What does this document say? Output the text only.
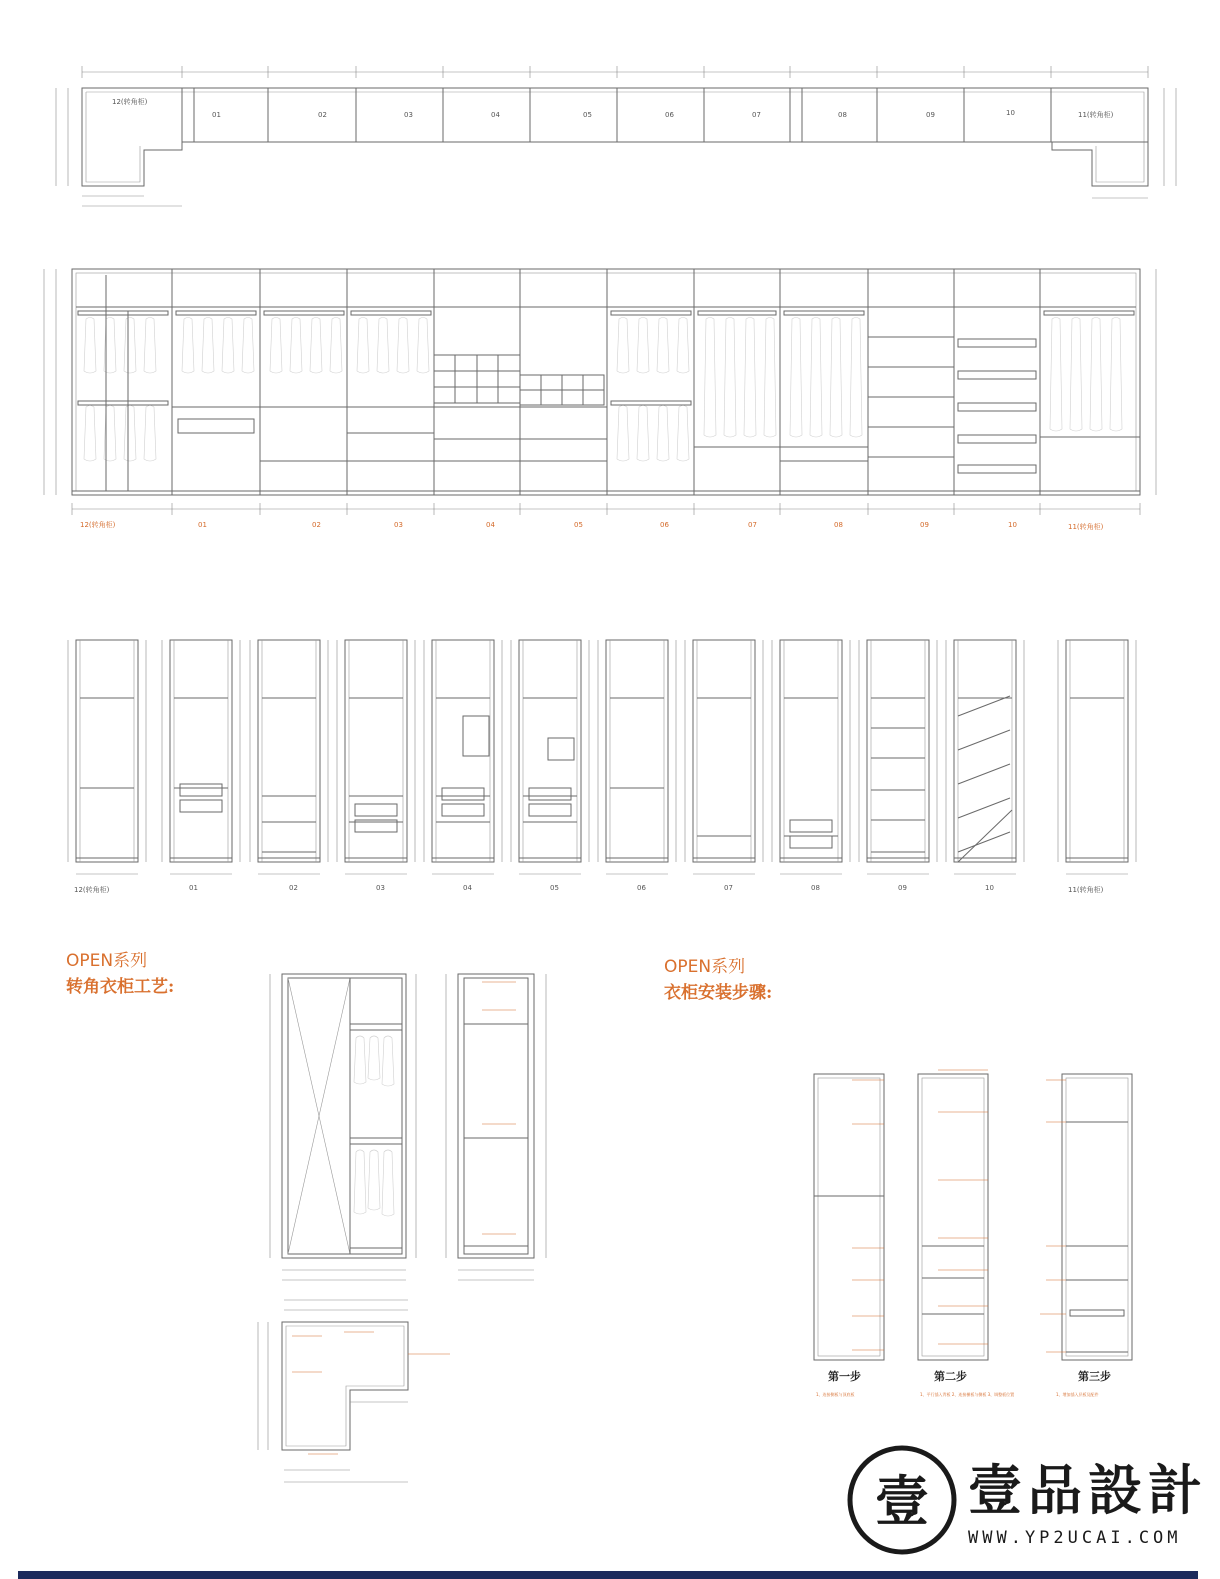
12(转角柜)
11(转角柜)
01	02	03	04	05	06	07	08	09	10
12(转角柜)	01	02	03	04	05	06	07	08	09	10	11(转角柜)
12(转角柜)	01	02	03	04	05	06	07	08	09	10	11(转角柜)
OPEN系列
转角衣柜工艺:
OPEN系列
衣柜安装步骤:
第一步	第二步	第三步
1、连接侧板与顶底板	1、平行插入背板 2、连接横板与侧板 3、调整板位置	1、增加插入层板及配件
壹 壹品設計
WWW.YP2UCAI.COM
